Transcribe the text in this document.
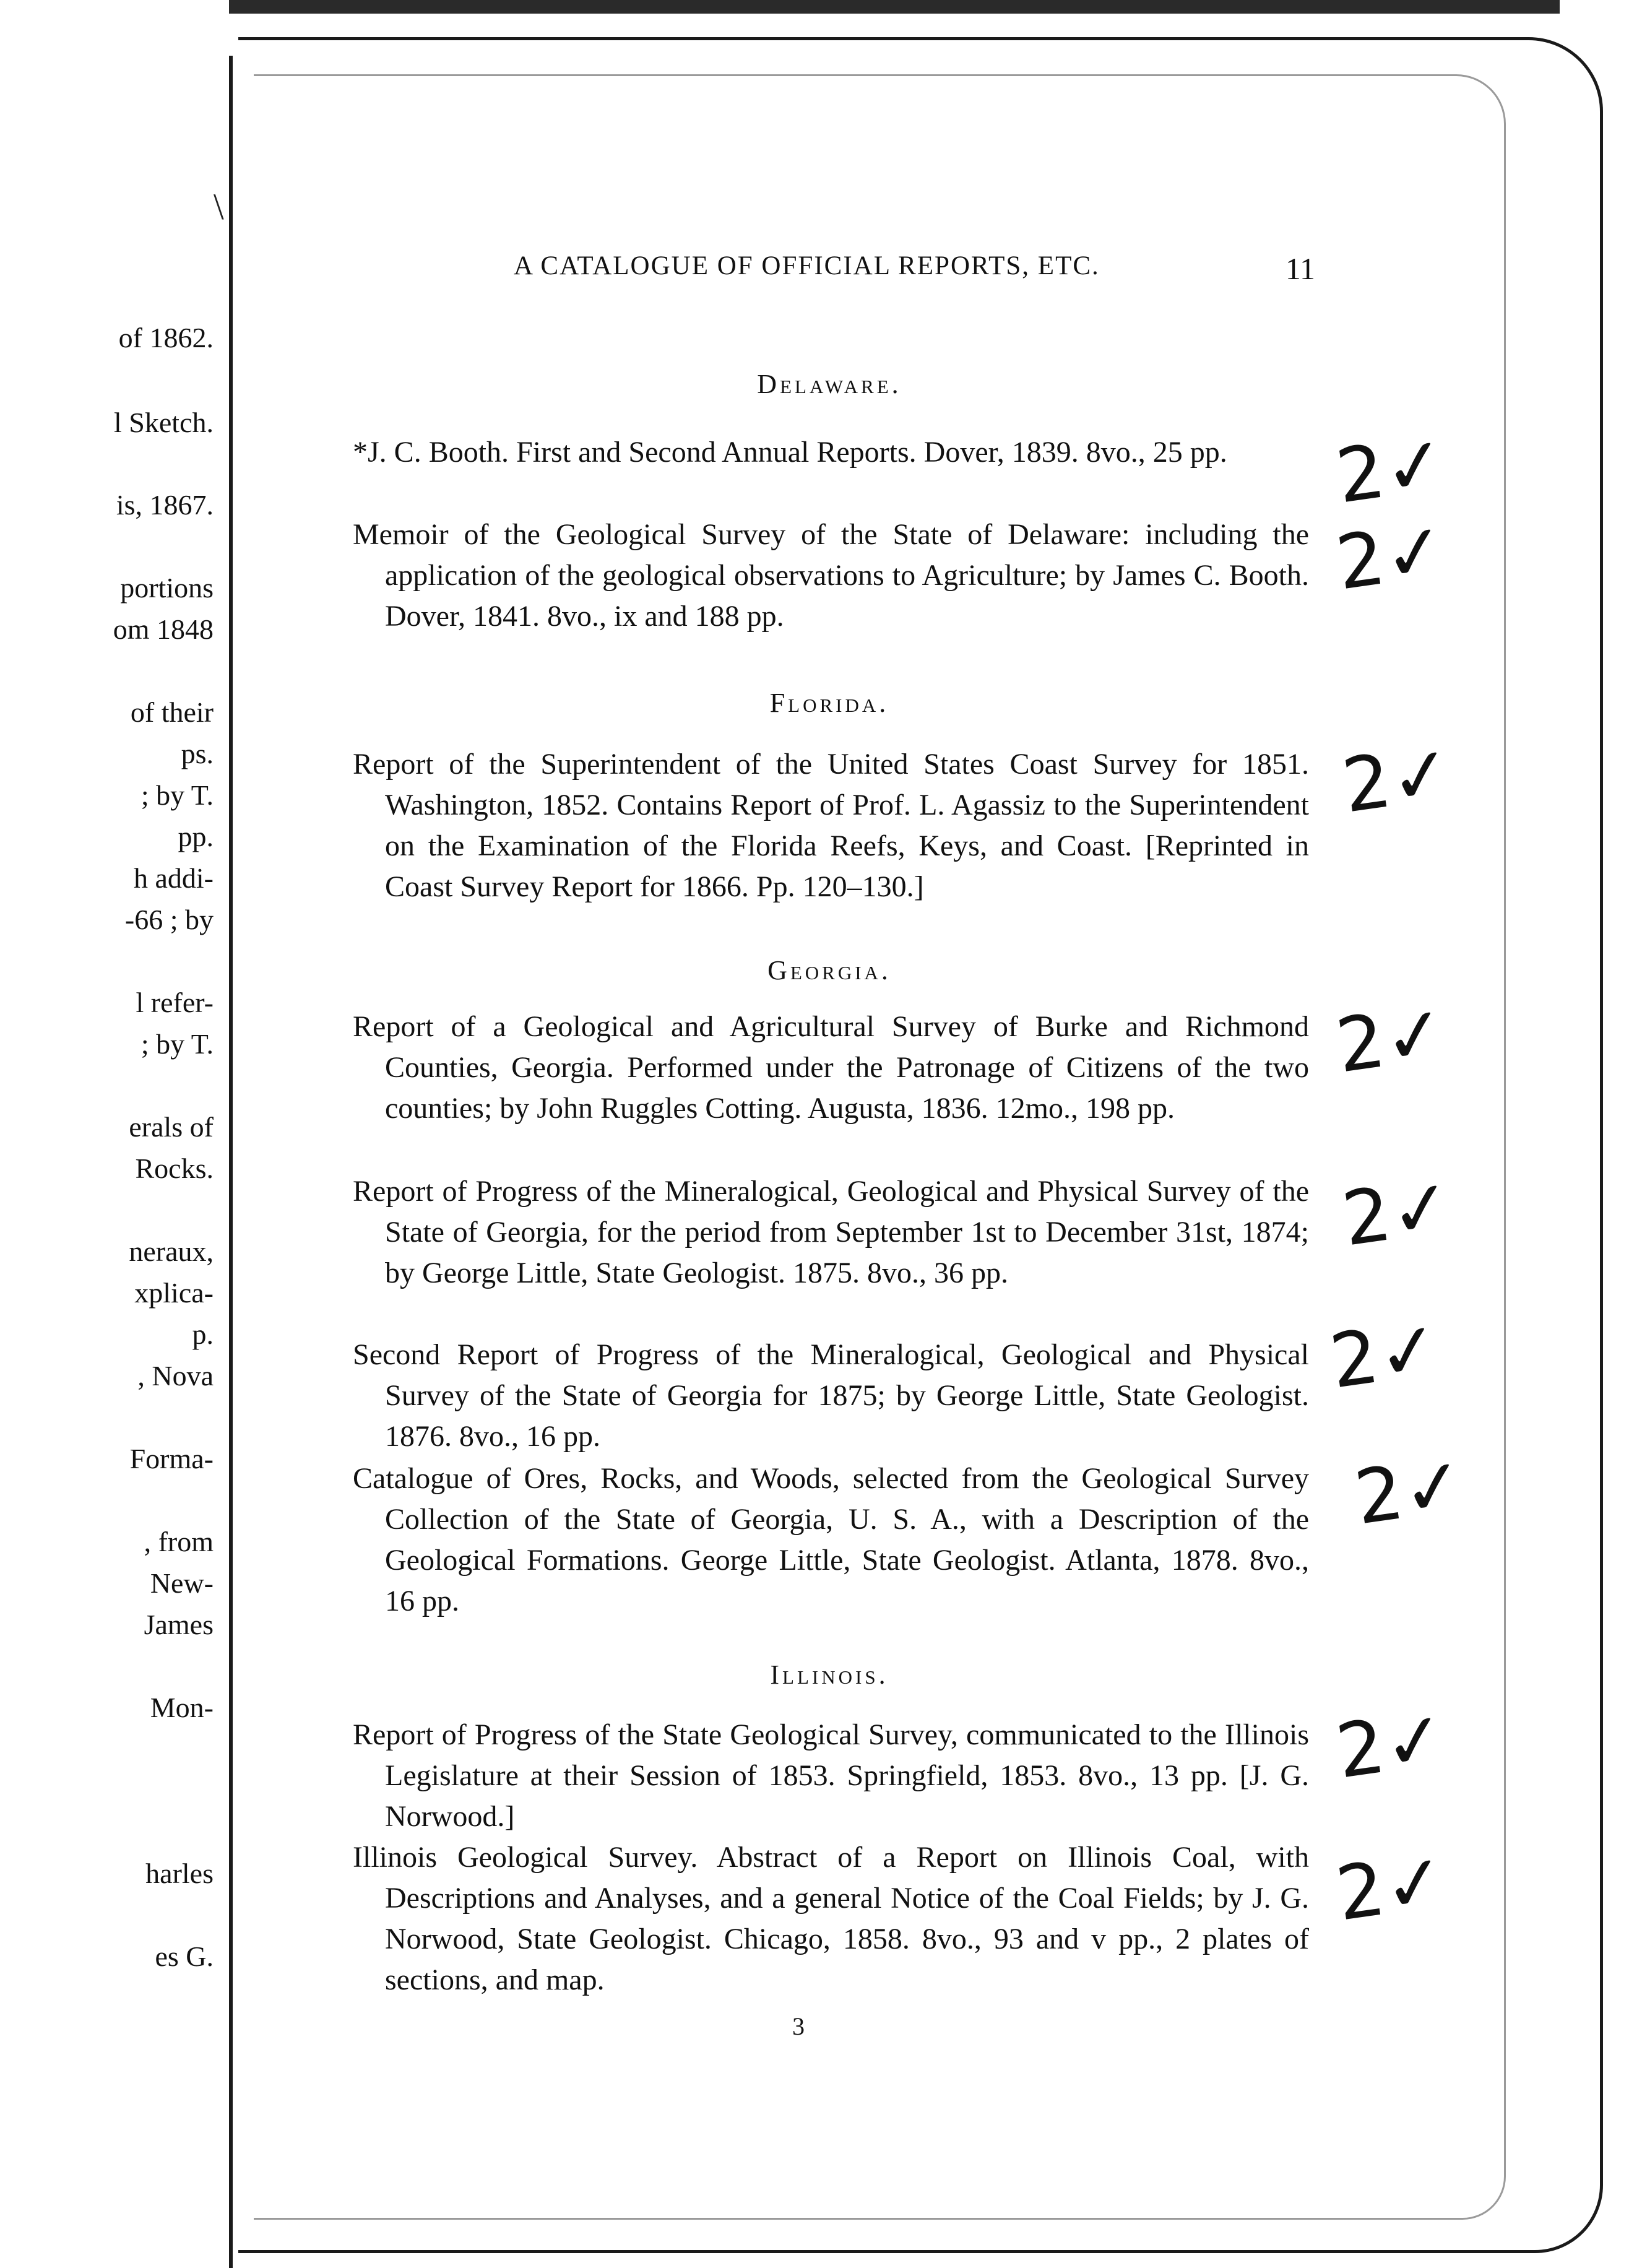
of 1862.
l Sketch.
is, 1867.
portions
om 1848
of their
ps.
; by T.
pp.
h addi-
-66 ; by
l refer-
; by T.
erals of
Rocks.
neraux,
xplica-
p.
, Nova
Forma-
, from
New-
James
Mon-
harles
es G.
\
A CATALOGUE OF OFFICIAL REPORTS, ETC.	11
Delaware.
*J. C. Booth. First and Second Annual Reports. Dover, 1839. 8vo., 25 pp.
Memoir of the Geological Survey of the State of Delaware: including the application of the geological observations to Agriculture; by James C. Booth. Dover, 1841. 8vo., ix and 188 pp.
Florida.
Report of the Superintendent of the United States Coast Survey for 1851. Washington, 1852. Contains Report of Prof. L. Agassiz to the Superintendent on the Examination of the Florida Reefs, Keys, and Coast. [Reprinted in Coast Survey Report for 1866. Pp. 120–130.]
Georgia.
Report of a Geological and Agricultural Survey of Burke and Richmond Counties, Georgia. Performed under the Patronage of Citizens of the two counties; by John Ruggles Cotting. Augusta, 1836. 12mo., 198 pp.
Report of Progress of the Mineralogical, Geological and Physical Survey of the State of Georgia, for the period from September 1st to December 31st, 1874; by George Little, State Geologist. 1875. 8vo., 36 pp.
Second Report of Progress of the Mineralogical, Geological and Physical Survey of the State of Georgia for 1875; by George Little, State Geologist. 1876. 8vo., 16 pp.
Catalogue of Ores, Rocks, and Woods, selected from the Geological Survey Collection of the State of Georgia, U. S. A., with a Description of the Geological Formations. George Little, State Geologist. Atlanta, 1878. 8vo., 16 pp.
Illinois.
Report of Progress of the State Geological Survey, communicated to the Illinois Legislature at their Session of 1853. Springfield, 1853. 8vo., 13 pp. [J. G. Norwood.]
Illinois Geological Survey. Abstract of a Report on Illinois Coal, with Descriptions and Analyses, and a general Notice of the Coal Fields; by J. G. Norwood, State Geologist. Chicago, 1858. 8vo., 93 and v pp., 2 plates of sections, and map.
3
2✓
2✓
2✓
2✓
2✓
2✓
2✓
2✓
2✓
